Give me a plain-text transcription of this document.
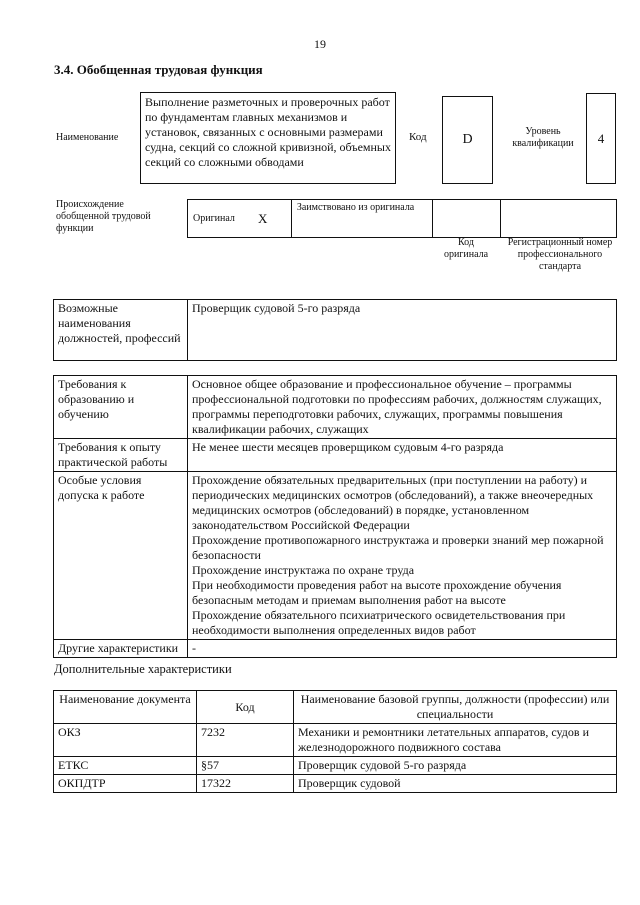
19
3.4. Обобщенная трудовая функция
Наименование
Выполнение разметочных и проверочных работ по фундаментам главных механизмов и установок, связанных с основными размерами судна, секций со сложной кривизной, объемных секций со сложными обводами
Код	D
Уровень квалификации	4
Происхождение обобщенной трудовой функции
Оригинал	X	Заимствовано из оригинала		
Код оригинала
Регистрационный номер профессионального стандарта
Возможные наименования должностей, профессий	Проверщик судовой 5-го разряда
Требования к образованию и обучению	Основное общее образование и профессиональное обучение – программы профессиональной подготовки по профессиям рабочих, должностям служащих, программы переподготовки рабочих, служащих, программы повышения квалификации рабочих, служащих
Требования к опыту практической работы	Не менее шести месяцев проверщиком судовым 4-го разряда
Особые условия допуска к работе	Прохождение обязательных предварительных (при поступлении на работу) и периодических медицинских осмотров (обследований), а также внеочередных медицинских осмотров (обследований) в порядке, установленном законодательством Российской Федерации
Прохождение противопожарного инструктажа и проверки знаний мер пожарной безопасности
Прохождение инструктажа по охране труда
При необходимости проведения работ на высоте прохождение обучения безопасным методам и приемам выполнения работ на высоте
Прохождение обязательного психиатрического освидетельствования при необходимости выполнения определенных видов работ

Другие характеристики	-
Дополнительные характеристики
Наименование документа	Код	Наименование базовой группы, должности (профессии) или специальности
ОКЗ	7232	Механики и ремонтники летательных аппаратов, судов и железнодорожного подвижного состава
ЕТКС	§57	Проверщик судовой 5-го разряда
ОКПДТР	17322	Проверщик судовой
